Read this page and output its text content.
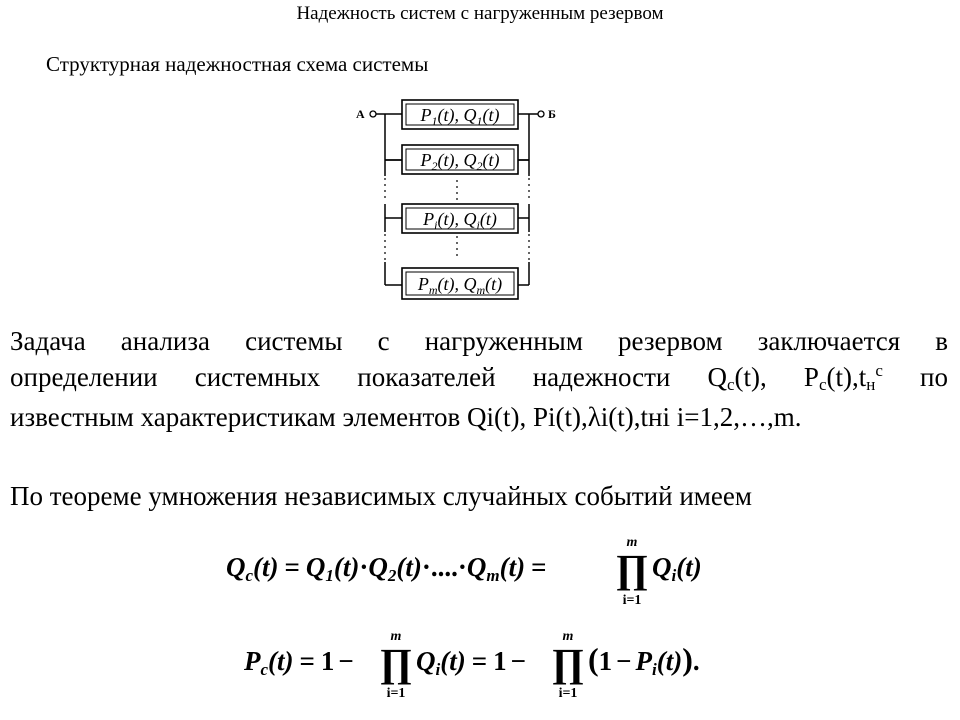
Надежность систем с нагруженным резервом
Структурная надежностная схема системы
А	Б
$P_1(t)$, $Q_1(t)$
$P_2(t)$, $Q_2(t)$
$P_i(t)$, $Q_i(t)$
$P_m(t)$, $Q_m(t)$
Задача анализа системы с нагруженным резервом заключается в
определении системных показателей надежности Qc(t), $Pc(t),tн^c$ по
известным характеристикам элементов Qi(t), Pi(t),λi(t),tнi i=1,2,…,m.
По теореме умножения независимых случайных событий имеем
Qc(t) = Q1(t)·Q2(t)·....·Qm(t) =
m
∏
i=1
Qi(t)
Pc(t) = 1 −
m
∏
i=1
Qi(t) = 1 −
m
∏
i=1
(1 − Pi(t)).
